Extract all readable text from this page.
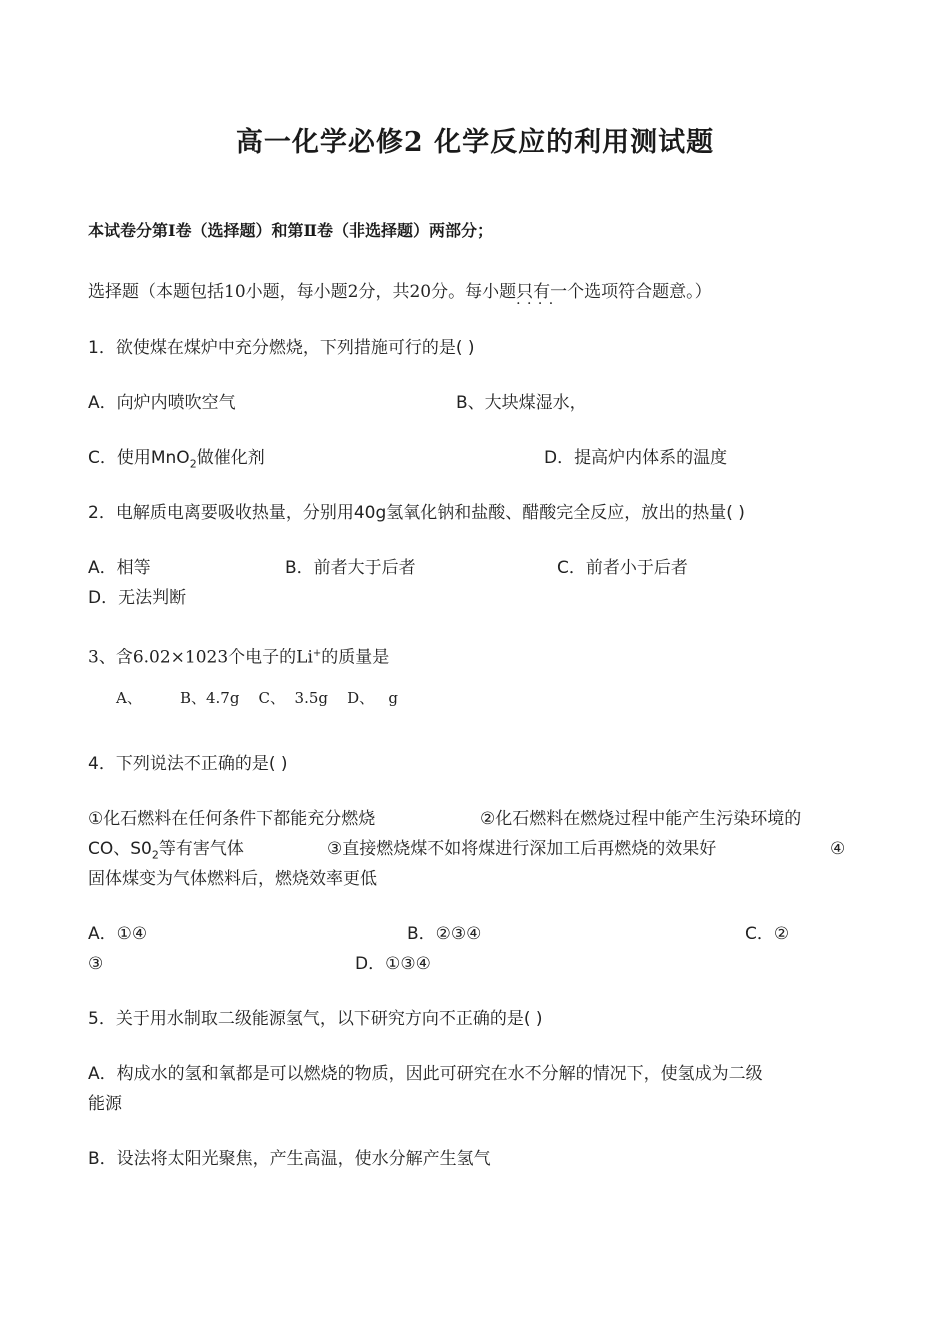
高一化学必修2 化学反应的利用测试题
本试卷分第Ⅰ卷（选择题）和第Ⅱ卷（非选择题）两部分；
选择题（本题包括10小题，每小题2分，共20分。每小题只有一个 · · 选项符合题意。）
1．欲使煤在煤炉中充分燃烧，下列措施可行的是( )
A．向炉内喷吹空气	B、大块煤湿水，
C．使用MnO$_2$做催化剂	D．提高炉内体系的温度
2．电解质电离要吸收热量，分别用40g氢氧化钠和盐酸、醋酸完全反应，放出的热量( )
A．相等	B．前者大于后者	C．前者小于后者
D．无法判断
3、含6.02×1023个电子的Li+的质量是
A、        B、4.7g    C、  3.5g    D、   g
4．下列说法不正确的是( )
①化石燃料在任何条件下都能充分燃烧	②化石燃料在燃烧过程中能产生污染环境的
CO、$S0_2$等有害气体	③直接燃烧煤不如将煤进行深加工后再燃烧的效果好	④
固体煤变为气体燃料后，燃烧效率更低
A．①④	B．②③④	C．②
③	D．①③④
5．关于用水制取二级能源氢气，以下研究方向不正确的是( )
A．构成水的氢和氧都是可以燃烧的物质，因此可研究在水不分解的情况下，使氢成为二级
能源
B．设法将太阳光聚焦，产生高温，使水分解产生氢气
